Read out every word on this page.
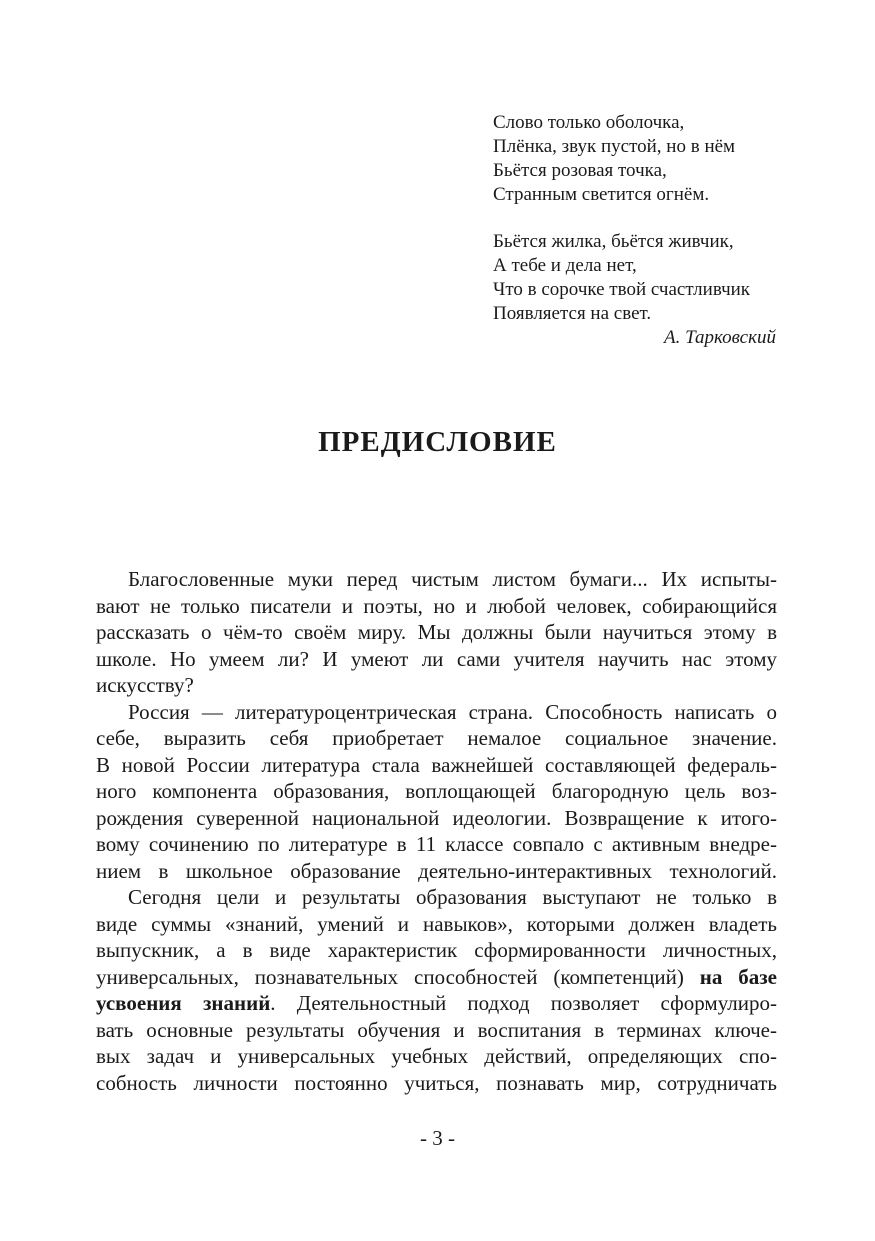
Слово только оболочка,
Плёнка, звук пустой, но в нём
Бьётся розовая точка,
Странным светится огнём.
Бьётся жилка, бьётся живчик,
А тебе и дела нет,
Что в сорочке твой счастливчик
Появляется на свет.
А. Тарковский
ПРЕДИСЛОВИЕ
Благословенные муки перед чистым листом бумаги... Их испыты-
вают не только писатели и поэты, но и любой человек, собирающийся
рассказать о чём-то своём миру. Мы должны были научиться этому в
школе. Но умеем ли? И умеют ли сами учителя научить нас этому
искусству?
Россия — литературоцентрическая страна. Способность написать о
себе, выразить себя приобретает немалое социальное значение.
В новой России литература стала важнейшей составляющей федераль-
ного компонента образования, воплощающей благородную цель воз-
рождения суверенной национальной идеологии. Возвращение к итого-
вому сочинению по литературе в 11 классе совпало с активным внедре-
нием в школьное образование деятельно-интерактивных технологий.
Сегодня цели и результаты образования выступают не только в
виде суммы «знаний, умений и навыков», которыми должен владеть
выпускник, а в виде характеристик сформированности личностных,
универсальных, познавательных способностей (компетенций) на базе
усвоения знаний. Деятельностный подход позволяет сформулиро-
вать основные результаты обучения и воспитания в терминах ключе-
вых задач и универсальных учебных действий, определяющих спо-
собность личности постоянно учиться, познавать мир, сотрудничать
- 3 -
